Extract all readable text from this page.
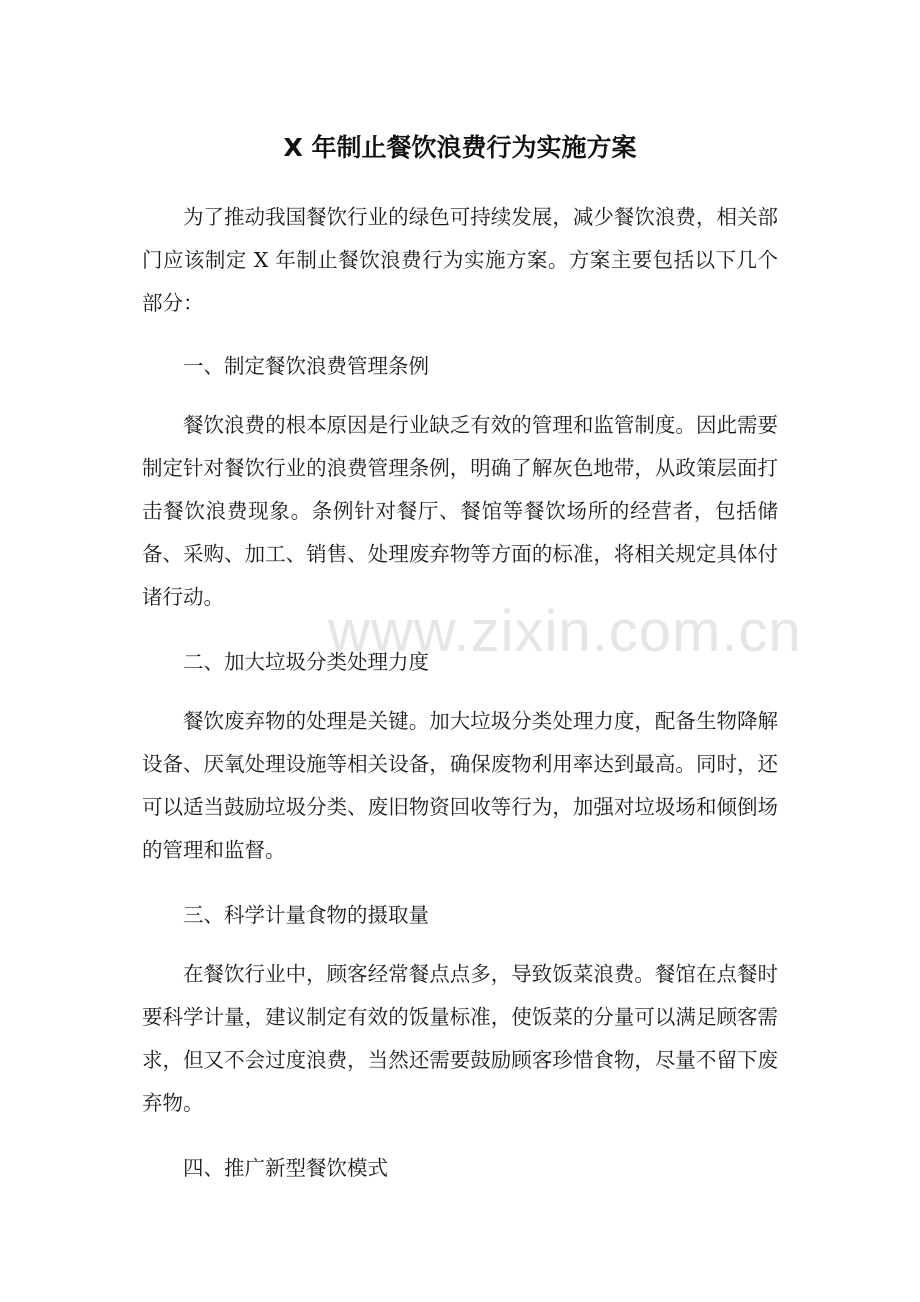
X 年制止餐饮浪费行为实施方案

为了推动我国餐饮行业的绿色可持续发展，减少餐饮浪费，相关部门应该制定 X 年制止餐饮浪费行为实施方案。方案主要包括以下几个部分：

一、制定餐饮浪费管理条例

餐饮浪费的根本原因是行业缺乏有效的管理和监管制度。因此需要制定针对餐饮行业的浪费管理条例，明确了解灰色地带，从政策层面打击餐饮浪费现象。条例针对餐厅、餐馆等餐饮场所的经营者，包括储备、采购、加工、销售、处理废弃物等方面的标准，将相关规定具体付诸行动。

二、加大垃圾分类处理力度

餐饮废弃物的处理是关键。加大垃圾分类处理力度，配备生物降解设备、厌氧处理设施等相关设备，确保废物利用率达到最高。同时，还可以适当鼓励垃圾分类、废旧物资回收等行为，加强对垃圾场和倾倒场的管理和监督。

三、科学计量食物的摄取量

在餐饮行业中，顾客经常餐点点多，导致饭菜浪费。餐馆在点餐时要科学计量，建议制定有效的饭量标准，使饭菜的分量可以满足顾客需求，但又不会过度浪费，当然还需要鼓励顾客珍惜食物，尽量不留下废弃物。

四、推广新型餐饮模式

www.zixin.com.cn
